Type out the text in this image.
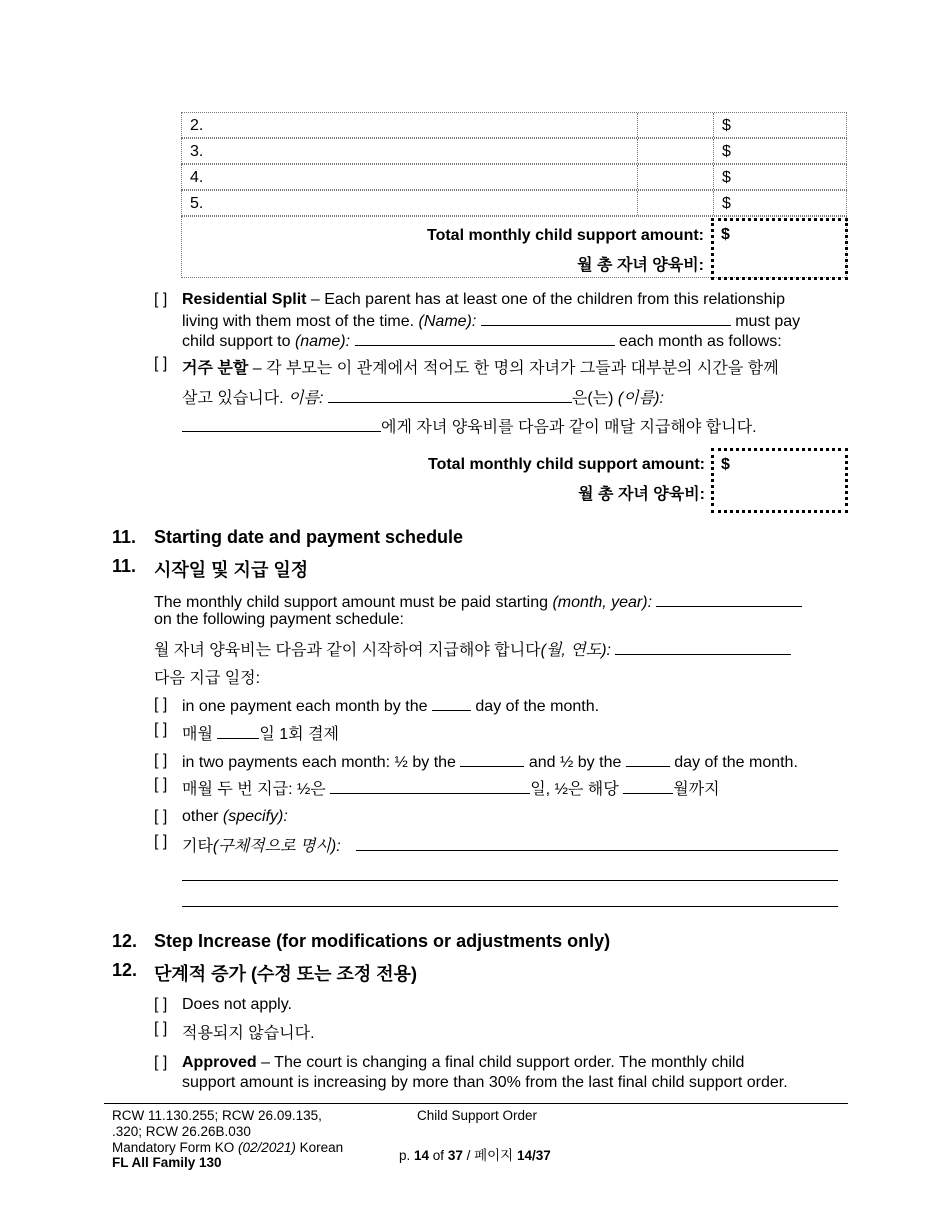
2.	$
3.	$
4.	$
5.	$
Total monthly child support amount:
월 총 자녀 양육비:
$
[ ] Residential Split – Each parent has at least one of the children from this relationship
living with them most of the time. (Name):	must pay
child support to (name):	each month as follows:
[ ] 거주 분할 – 각 부모는 이 관계에서 적어도 한 명의 자녀가 그들과 대부분의 시간을 함께
살고 있습니다. 이름:	은(는) (이름):
에게 자녀 양육비를 다음과 같이 매달 지급해야 합니다.
Total monthly child support amount:
월 총 자녀 양육비:
$
11. Starting date and payment schedule
11. 시작일 및 지급 일정
The monthly child support amount must be paid starting (month, year):
on the following payment schedule:
월 자녀 양육비는 다음과 같이 시작하여 지급해야 합니다(월, 연도):
다음 지급 일정:
[ ] in one payment each month by the	day of the month.
[ ] 매월	일 1회 결제
[ ] in two payments each month: ½ by the	and ½ by the	day of the month.
[ ] 매월 두 번 지급: ½은	일, ½은 해당	월까지
[ ] other (specify):
[ ] 기타(구체적으로 명시):
12. Step Increase (for modifications or adjustments only)
12. 단계적 증가 (수정 또는 조정 전용)
[ ] Does not apply.
[ ] 적용되지 않습니다.
[ ] Approved – The court is changing a final child support order. The monthly child
support amount is increasing by more than 30% from the last final child support order.
RCW 11.130.255; RCW 26.09.135,
.320; RCW 26.26B.030
Mandatory Form KO (02/2021) Korean
FL All Family 130
Child Support Order
p. 14 of 37 / 페이지 14/37
